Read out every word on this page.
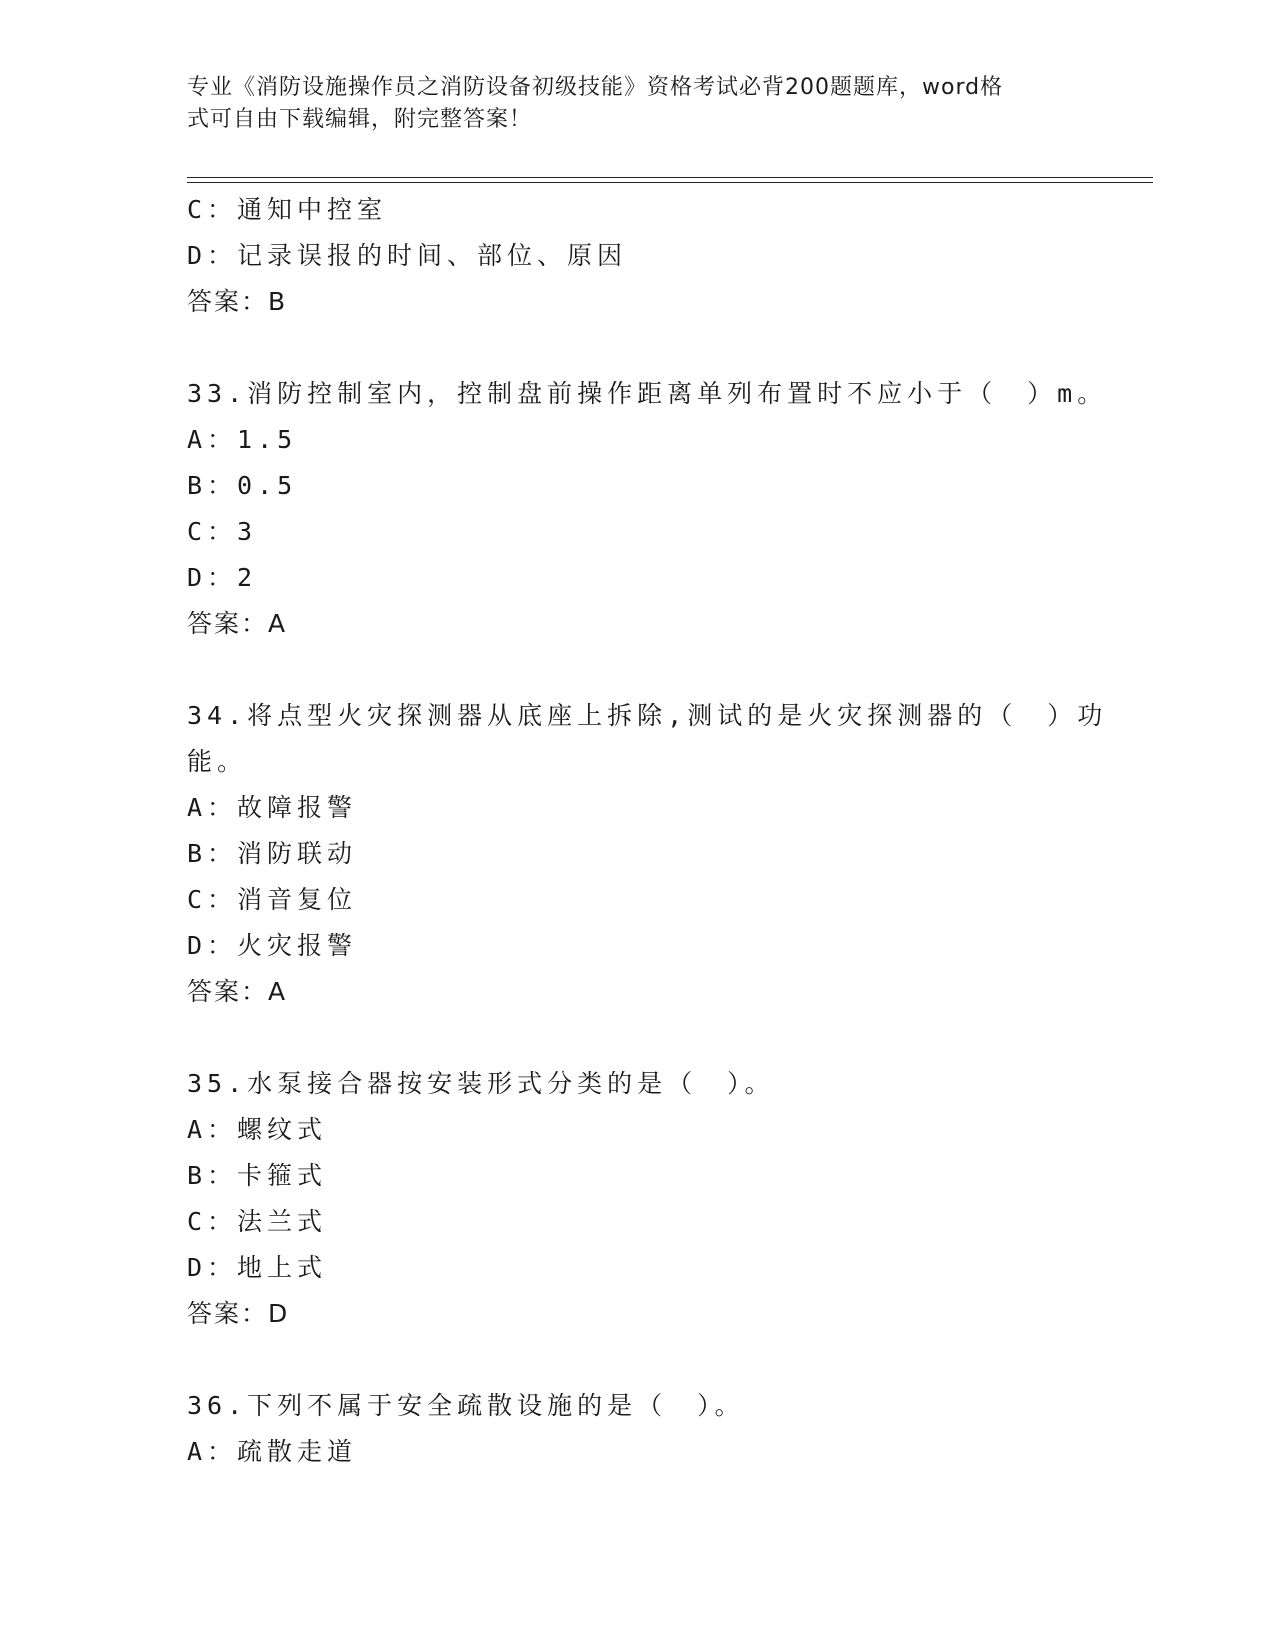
专业《消防设施操作员之消防设备初级技能》资格考试必背200题题库，word格
式可自由下载编辑，附完整答案！
C：通知中控室
D：记录误报的时间、部位、原因
答案：B
33.消防控制室内，控制盘前操作距离单列布置时不应小于（　）m。
A：1.5
B：0.5
C：3
D：2
答案：A
34.将点型火灾探测器从底座上拆除,测试的是火灾探测器的（　）功
能。
A：故障报警
B：消防联动
C：消音复位
D：火灾报警
答案：A
35.水泵接合器按安装形式分类的是（　）。
A：螺纹式
B：卡箍式
C：法兰式
D：地上式
答案：D
36.下列不属于安全疏散设施的是（　）。
A：疏散走道
